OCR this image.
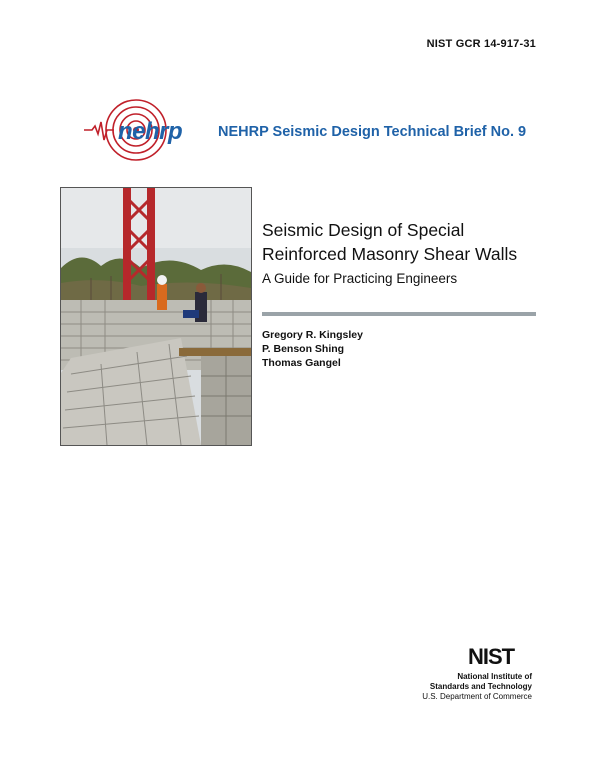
NIST GCR 14-917-31
nehrp NEHRP Seismic Design Technical Brief No. 9
Seismic Design of Special
Reinforced Masonry Shear Walls
A Guide for Practicing Engineers
Gregory R. Kingsley
P. Benson Shing
Thomas Gangel
NIST
National Institute of
Standards and Technology
U.S. Department of Commerce
